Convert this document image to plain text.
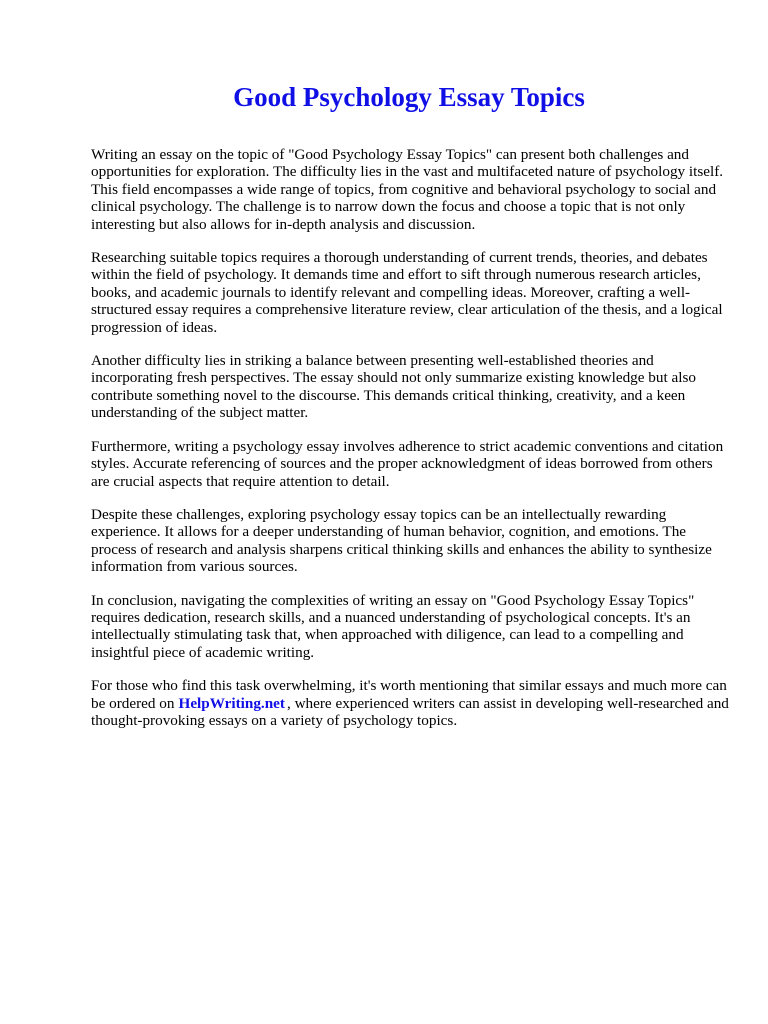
Good Psychology Essay Topics

Writing an essay on the topic of "Good Psychology Essay Topics" can present both challenges and opportunities for exploration. The difficulty lies in the vast and multifaceted nature of psychology itself. This field encompasses a wide range of topics, from cognitive and behavioral psychology to social and clinical psychology. The challenge is to narrow down the focus and choose a topic that is not only interesting but also allows for in-depth analysis and discussion.

Researching suitable topics requires a thorough understanding of current trends, theories, and debates within the field of psychology. It demands time and effort to sift through numerous research articles, books, and academic journals to identify relevant and compelling ideas. Moreover, crafting a well-structured essay requires a comprehensive literature review, clear articulation of the thesis, and a logical progression of ideas.

Another difficulty lies in striking a balance between presenting well-established theories and incorporating fresh perspectives. The essay should not only summarize existing knowledge but also contribute something novel to the discourse. This demands critical thinking, creativity, and a keen understanding of the subject matter.

Furthermore, writing a psychology essay involves adherence to strict academic conventions and citation styles. Accurate referencing of sources and the proper acknowledgment of ideas borrowed from others are crucial aspects that require attention to detail.

Despite these challenges, exploring psychology essay topics can be an intellectually rewarding experience. It allows for a deeper understanding of human behavior, cognition, and emotions. The process of research and analysis sharpens critical thinking skills and enhances the ability to synthesize information from various sources.

In conclusion, navigating the complexities of writing an essay on "Good Psychology Essay Topics" requires dedication, research skills, and a nuanced understanding of psychological concepts. It's an intellectually stimulating task that, when approached with diligence, can lead to a compelling and insightful piece of academic writing.

For those who find this task overwhelming, it's worth mentioning that similar essays and much more can be ordered on HelpWriting.net , where experienced writers can assist in developing well-researched and thought-provoking essays on a variety of psychology topics.
